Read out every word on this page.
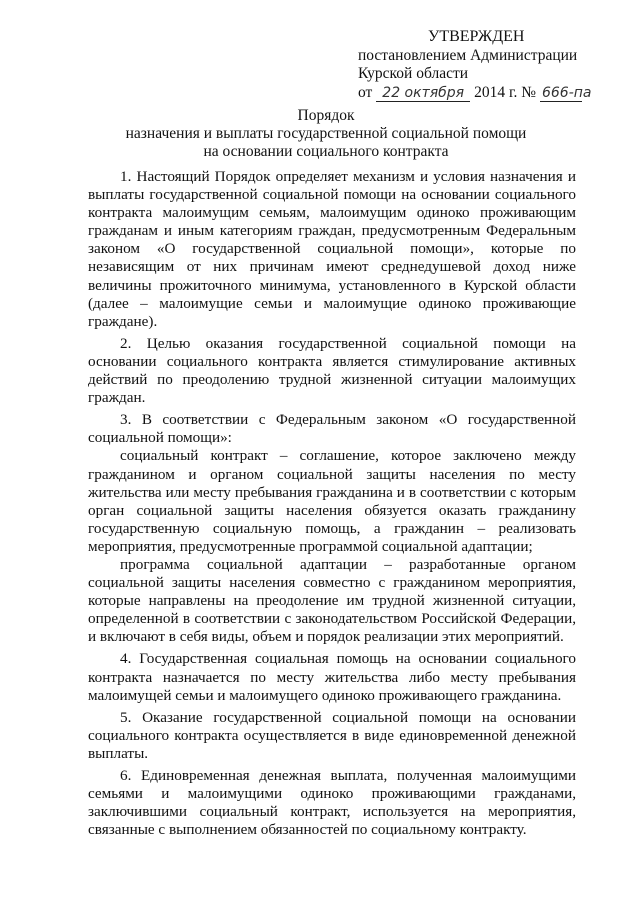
УТВЕРЖДЕН
постановлением Администрации
Курской области
от 22 октября 2014 г. № 666-па
Порядок
назначения и выплаты государственной социальной помощи
на основании социального контракта

1. Настоящий Порядок определяет механизм и условия назначения и выплаты государственной социальной помощи на основании социального контракта малоимущим семьям, малоимущим одиноко проживающим гражданам и иным категориям граждан, предусмотренным Федеральным законом «О государственной социальной помощи», которые по независящим от них причинам имеют среднедушевой доход ниже величины прожиточного минимума, установленного в Курской области (далее – малоимущие семьи и малоимущие одиноко проживающие граждане).

2. Целью оказания государственной социальной помощи на основании социального контракта является стимулирование активных действий по преодолению трудной жизненной ситуации малоимущих граждан.

3. В соответствии с Федеральным законом «О государственной социальной помощи»:

социальный контракт – соглашение, которое заключено между гражданином и органом социальной защиты населения по месту жительства или месту пребывания гражданина и в соответствии с которым орган социальной защиты населения обязуется оказать гражданину государственную социальную помощь, а гражданин – реализовать мероприятия, предусмотренные программой социальной адаптации;

программа социальной адаптации – разработанные органом социальной защиты населения совместно с гражданином мероприятия, которые направлены на преодоление им трудной жизненной ситуации, определенной в соответствии с законодательством Российской Федерации, и включают в себя виды, объем и порядок реализации этих мероприятий.

4. Государственная социальная помощь на основании социального контракта назначается по месту жительства либо месту пребывания малоимущей семьи и малоимущего одиноко проживающего гражданина.

5. Оказание государственной социальной помощи на основании социального контракта осуществляется в виде единовременной денежной выплаты.

6. Единовременная денежная выплата, полученная малоимущими семьями и малоимущими одиноко проживающими гражданами, заключившими социальный контракт, используется на мероприятия, связанные с выполнением обязанностей по социальному контракту.
